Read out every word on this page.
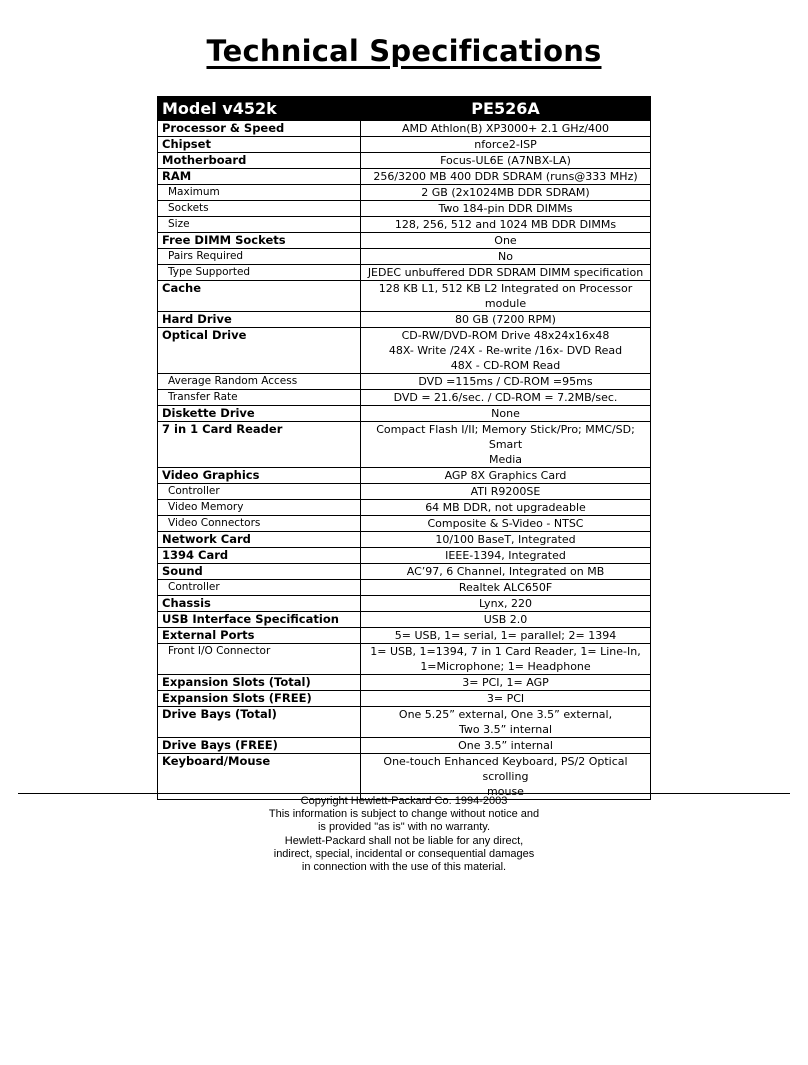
Technical Specifications
Model v452k	PE526A
Processor & Speed	AMD Athlon(B) XP3000+ 2.1 GHz/400

Chipset	nforce2-ISP

Motherboard	Focus-UL6E (A7NBX-LA)

RAM	256/3200 MB 400 DDR SDRAM (runs@333 MHz)

Maximum	2 GB (2x1024MB DDR SDRAM)

Sockets	Two 184-pin DDR DIMMs

Size	128, 256, 512 and 1024 MB DDR DIMMs

Free DIMM Sockets	One

Pairs Required	No

Type Supported	JEDEC unbuffered DDR SDRAM DIMM specification

Cache	128 KB L1, 512 KB L2 Integrated on Processor module

Hard Drive	80 GB (7200 RPM)

Optical Drive	CD-RW/DVD-ROM Drive 48x24x16x48
48X- Write /24X - Re-write /16x- DVD Read
48X - CD-ROM Read

Average Random Access	DVD =115ms / CD-ROM =95ms

Transfer Rate	DVD = 21.6/sec. / CD-ROM = 7.2MB/sec.

Diskette Drive	None

7 in 1 Card Reader	Compact Flash I/II; Memory Stick/Pro; MMC/SD; Smart
Media

Video Graphics	AGP 8X Graphics Card

Controller	ATI R9200SE

Video Memory	64 MB DDR, not upgradeable

Video Connectors	Composite & S-Video - NTSC

Network Card	10/100 BaseT, Integrated

1394 Card	IEEE-1394, Integrated

Sound	AC’97, 6 Channel, Integrated on MB

Controller	Realtek ALC650F

Chassis	Lynx, 220

USB Interface Specification	USB 2.0

External Ports	5= USB, 1= serial, 1= parallel; 2= 1394

Front I/O Connector	1= USB, 1=1394, 7 in 1 Card Reader, 1= Line-In,
1=Microphone; 1= Headphone

Expansion Slots (Total)	3= PCI, 1= AGP

Expansion Slots (FREE)	3= PCI

Drive Bays (Total)	One 5.25” external, One 3.5” external,
Two 3.5” internal

Drive Bays (FREE)	One 3.5” internal

Keyboard/Mouse	One-touch Enhanced Keyboard, PS/2 Optical scrolling
mouse
Copyright Hewlett-Packard Co. 1994-2003
This information is subject to change without notice and
is provided "as is" with no warranty.
Hewlett-Packard shall not be liable for any direct,
indirect, special, incidental or consequential damages
in connection with the use of this material.
